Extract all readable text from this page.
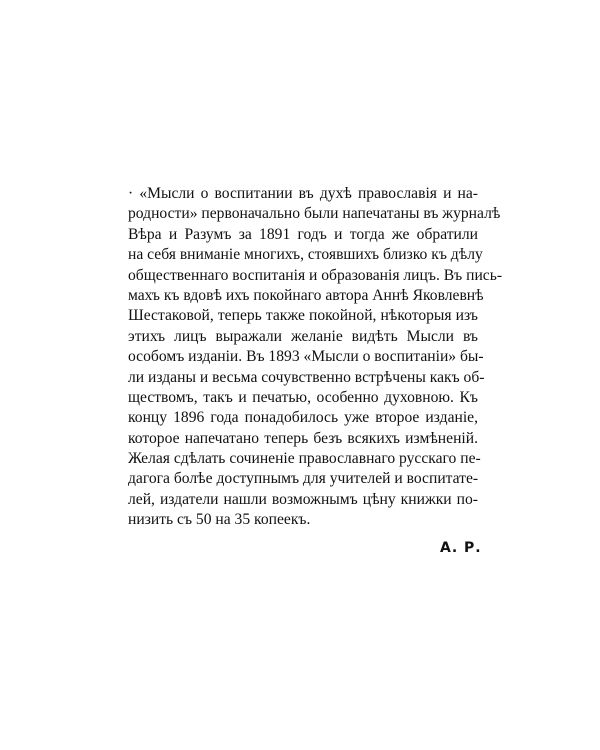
· «Мысли о воспитании въ духѣ православія и на-
родности» первоначально были напечатаны въ журналѣ
Вѣра и Разумъ за 1891 годъ и тогда же обратили
на себя вниманіе многихъ, стоявшихъ близко къ дѣлу
общественнаго воспитанія и образованія лицъ. Въ пись-
махъ къ вдовѣ ихъ покойнаго автора Аннѣ Яковлевнѣ
Шестаковой, теперь также покойной, нѣкоторыя изъ
этихъ лицъ выражали желаніе видѣть Мысли въ
особомъ изданіи. Въ 1893 «Мысли о воспитаніи» бы-
ли изданы и весьма сочувственно встрѣчены какъ об-
ществомъ, такъ и печатью, особенно духовною. Къ
концу 1896 года понадобилось уже второе изданіе,
которое напечатано теперь безъ всякихъ измѣненій.
Желая сдѣлать сочиненіе православнаго русскаго пе-
дагога болѣе доступнымъ для учителей и воспитате-
лей, издатели нашли возможнымъ цѣну книжки по-
низить съ 50 на 35 копеекъ.
А. Р.
